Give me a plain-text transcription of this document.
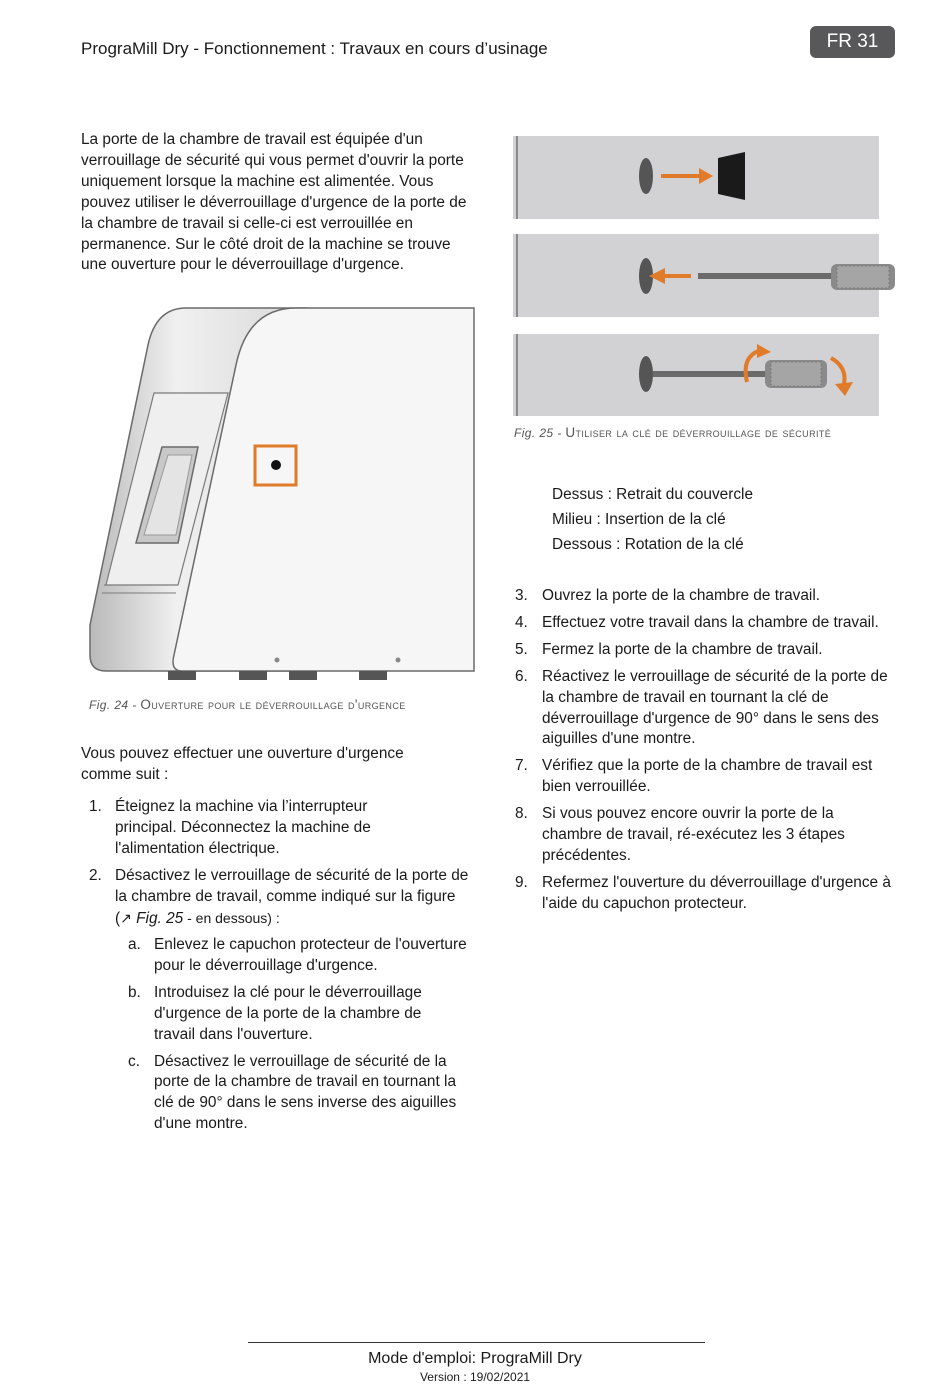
PrograMill Dry - Fonctionnement : Travaux en cours d’usinage	FR 31
La porte de la chambre de travail est équipée d'un verrouillage de sécurité qui vous permet d'ouvrir la porte uniquement lorsque la machine est alimentée. Vous pouvez utiliser le déverrouillage d'urgence de la porte de la chambre de travail si celle-ci est verrouillée en permanence. Sur le côté droit de la machine se trouve une ouverture pour le déverrouillage d'urgence.
Fig. 24 - Ouverture pour le déverrouillage d'urgence
Fig. 25 - Utiliser la clé de déverrouillage de sécurité
Dessus : Retrait du couvercle
Milieu : Insertion de la clé
Dessous : Rotation de la clé
Vous pouvez effectuer une ouverture d'urgence comme suit :
1. Éteignez la machine via l’interrupteur principal. Déconnectez la machine de l'alimentation électrique.
2. Désactivez le verrouillage de sécurité de la porte de la chambre de travail, comme indiqué sur la figure (↗ Fig. 25 - en dessous) :
a. Enlevez le capuchon protecteur de l'ouverture pour le déverrouillage d'urgence.
b. Introduisez la clé pour le déverrouillage d'urgence de la porte de la chambre de travail dans l'ouverture.
c. Désactivez le verrouillage de sécurité de la porte de la chambre de travail en tournant la clé de 90° dans le sens inverse des aiguilles d'une montre.
3. Ouvrez la porte de la chambre de travail.
4. Effectuez votre travail dans la chambre de travail.
5. Fermez la porte de la chambre de travail.
6. Réactivez le verrouillage de sécurité de la porte de la chambre de travail en tournant la clé de déverrouillage d'urgence de 90° dans le sens des aiguilles d'une montre.
7. Vérifiez que la porte de la chambre de travail est bien verrouillée.
8. Si vous pouvez encore ouvrir la porte de la chambre de travail, ré-exécutez les 3 étapes précédentes.
9. Refermez l'ouverture du déverrouillage d'urgence à l'aide du capuchon protecteur.
Mode d'emploi: PrograMill Dry
Version : 19/02/2021
